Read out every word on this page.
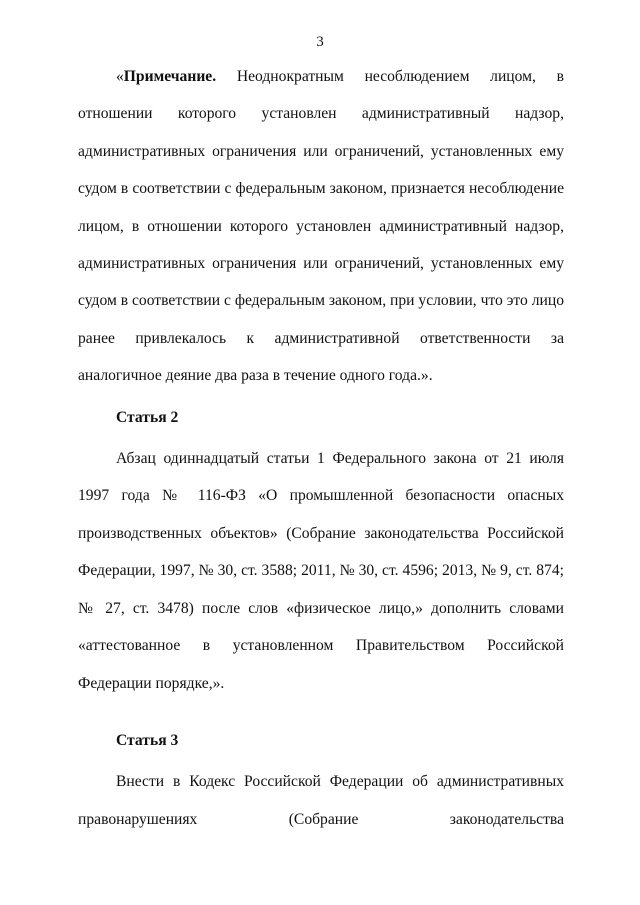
3

«Примечание. Неоднократным несоблюдением лицом, в отношении которого установлен административный надзор, административных ограничения или ограничений, установленных ему судом в соответствии с федеральным законом, признается несоблюдение лицом, в отношении которого установлен административный надзор, административных ограничения или ограничений, установленных ему судом в соответствии с федеральным законом, при условии, что это лицо ранее привлекалось к административной ответственности за аналогичное деяние два раза в течение одного года.».

Статья 2

Абзац одиннадцатый статьи 1 Федерального закона от 21 июля 1997 года № 116-ФЗ «О промышленной безопасности опасных производственных объектов» (Собрание законодательства Российской Федерации, 1997, № 30, ст. 3588; 2011, № 30, ст. 4596; 2013, № 9, ст. 874; № 27, ст. 3478) после слов «физическое лицо,» дополнить словами «аттестованное в установленном Правительством Российской Федерации порядке,».

Статья 3

Внести в Кодекс Российской Федерации об административных правонарушениях (Собрание законодательства
